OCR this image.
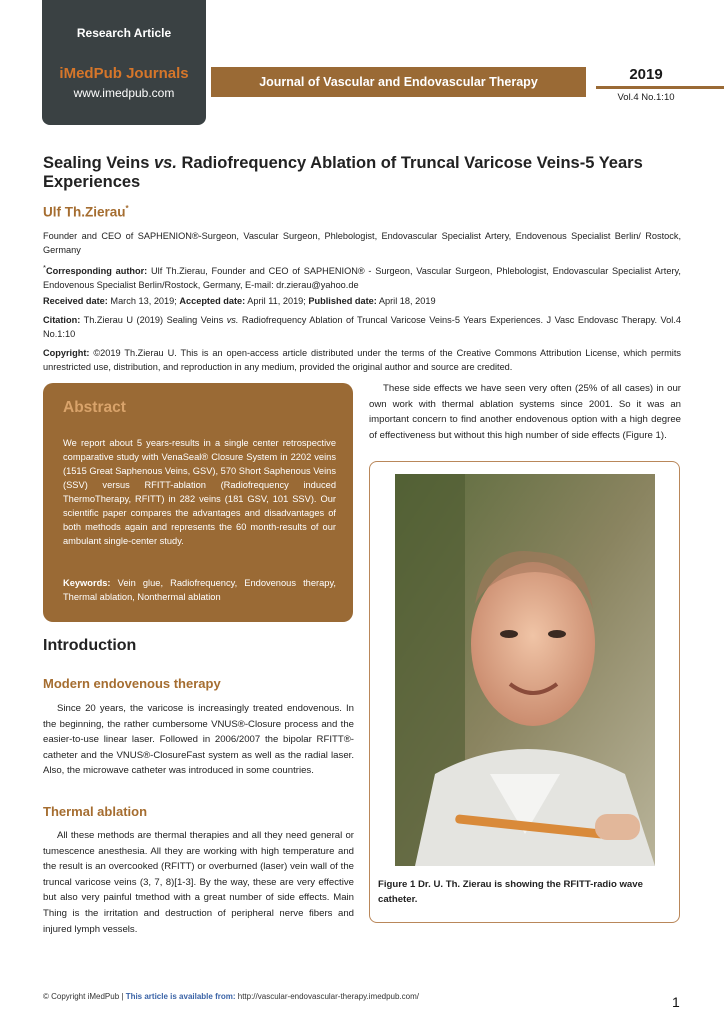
Research Article
iMedPub Journals
www.imedpub.com
Journal of Vascular and Endovascular Therapy	2019
Vol.4 No.1:10
Sealing Veins vs. Radiofrequency Ablation of Truncal Varicose Veins-5 Years Experiences
Ulf Th.Zierau*
Founder and CEO of SAPHENION®-Surgeon, Vascular Surgeon, Phlebologist, Endovascular Specialist Artery, Endovenous Specialist Berlin/ Rostock, Germany
*Corresponding author: Ulf Th.Zierau, Founder and CEO of SAPHENION® - Surgeon, Vascular Surgeon, Phlebologist, Endovascular Specialist Artery, Endovenous Specialist Berlin/Rostock, Germany, E-mail: dr.zierau@yahoo.de
Received date: March 13, 2019; Accepted date: April 11, 2019; Published date: April 18, 2019
Citation: Th.Zierau U (2019) Sealing Veins vs. Radiofrequency Ablation of Truncal Varicose Veins-5 Years Experiences. J Vasc Endovasc Therapy. Vol.4 No.1:10
Copyright: ©2019 Th.Zierau U. This is an open-access article distributed under the terms of the Creative Commons Attribution License, which permits unrestricted use, distribution, and reproduction in any medium, provided the original author and source are credited.
Abstract
We report about 5 years-results in a single center retrospective comparative study with VenaSeal® Closure System in 2202 veins (1515 Great Saphenous Veins, GSV), 570 Short Saphenous Veins (SSV) versus RFITT-ablation (Radiofrequency induced ThermoTherapy, RFITT) in 282 veins (181 GSV, 101 SSV). Our scientific paper compares the advantages and disadvantages of both methods again and represents the 60 month-results of our ambulant single-center study.
Keywords: Vein glue, Radiofrequency, Endovenous therapy, Thermal ablation, Nonthermal ablation
Introduction
Modern endovenous therapy
Since 20 years, the varicose is increasingly treated endovenous. In the beginning, the rather cumbersome VNUS®-Closure process and the easier-to-use linear laser. Followed in 2006/2007 the bipolar RFITT®-catheter and the VNUS®-ClosureFast system as well as the radial laser. Also, the microwave catheter was introduced in some countries.
Thermal ablation
All these methods are thermal therapies and all they need general or tumescence anesthesia. All they are working with high temperature and the result is an overcooked (RFITT) or overburned (laser) vein wall of the truncal varicose veins (3, 7, 8)[1-3]. By the way, these are very effective but also very painful tmethod with a great number of side effects. Main Thing is the irritation and destruction of peripheral nerve fibers and injured lymph vessels.
These side effects we have seen very often (25% of all cases) in our own work with thermal ablation systems since 2001. So it was an important concern to find another endovenous option with a high degree of effectiveness but without this high number of side effects (Figure 1).
Figure 1 Dr. U. Th. Zierau is showing the RFITT-radio wave catheter.
© Copyright iMedPub | This article is available from: http://vascular-endovascular-therapy.imedpub.com/	1
